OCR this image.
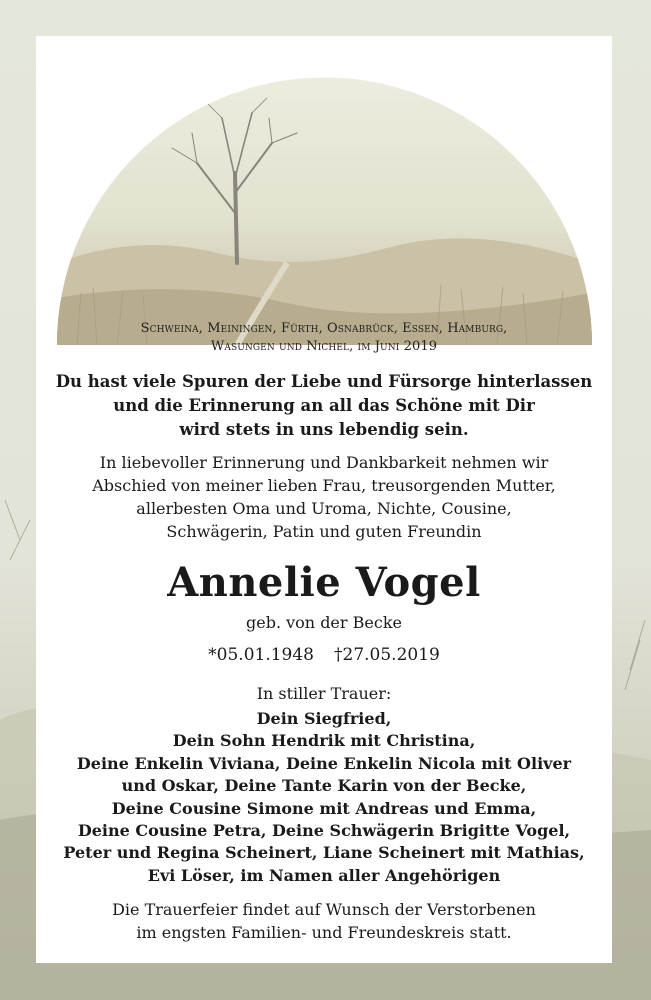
Schweina, Meiningen, Fürth, Osnabrück, Essen, Hamburg,
Wasungen und Nichel, im Juni 2019
Du hast viele Spuren der Liebe und Fürsorge hinterlassen
und die Erinnerung an all das Schöne mit Dir
wird stets in uns lebendig sein.
In liebevoller Erinnerung und Dankbarkeit nehmen wir
Abschied von meiner lieben Frau, treusorgenden Mutter,
allerbesten Oma und Uroma, Nichte, Cousine,
Schwägerin, Patin und guten Freundin
Annelie Vogel
geb. von der Becke
*05.01.1948 †27.05.2019
In stiller Trauer:
Dein Siegfried,
Dein Sohn Hendrik mit Christina,
Deine Enkelin Viviana, Deine Enkelin Nicola mit Oliver
und Oskar, Deine Tante Karin von der Becke,
Deine Cousine Simone mit Andreas und Emma,
Deine Cousine Petra, Deine Schwägerin Brigitte Vogel,
Peter und Regina Scheinert, Liane Scheinert mit Mathias,
Evi Löser, im Namen aller Angehörigen
Die Trauerfeier findet auf Wunsch der Verstorbenen
im engsten Familien- und Freundeskreis statt.
